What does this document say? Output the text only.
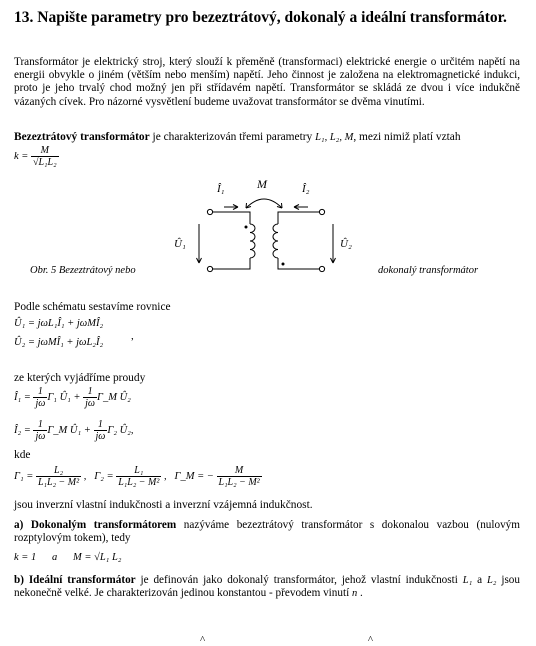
13. Napište parametry pro bezeztrátový, dokonalý a ideální transformátor.
Transformátor je elektrický stroj, který slouží k přeměně (transformaci) elektrické energie o určitém napětí na energii obvykle o jiném (větším nebo menším) napětí. Jeho činnost je založena na elektromagnetické indukci, proto je jeho trvalý chod možný jen při střídavém napětí. Transformátor se skládá ze dvou i více indukčně vázaných cívek. Pro názorné vysvětlení budeme uvažovat transformátor se dvěma vinutími.
Bezeztrátový transformátor je charakterizován třemi parametry L₁, L₂, M, mezi nimiž platí vztah
$k = \frac{M}{\text{√L₁L₂}}$
Î₁	M	Î₂
Û₁	Û₂
Obr. 5 Bezeztrátový nebo	dokonalý transformátor
Podle schématu sestavíme rovnice
Û₁ = jωL₁Î₁ + jωMÎ₂
Û₂ = jωMÎ₁ + jωL₂Î₂
,
ze kterých vyjádříme proudy
Î₁ = $\frac{1}{j\omega} \Gamma_1$ Û₁ + $\frac{1}{j\omega}$ Γ_M Û₂
Î₂ = $\frac{1}{j\omega}$ Γ_M Û₁ + $\frac{1}{j\omega} \Gamma_2$ Û₂,
kde
$\Gamma_1 = \frac{\text{L₂}}{\text{L₁L₂ − M²}}$ , $\Gamma_2 = \frac{\text{L₁}}{\text{L₁L₂ − M²}}$ , Γ_M = − $\frac{M}{\text{L₁L₂ − M²}}$
jsou inverzní vlastní indukčnosti a inverzní vzájemná indukčnost.
a) Dokonalým transformátorem nazýváme bezeztrátový transformátor s dokonalou vazbou (nulovým rozptylovým tokem), tedy
k = 1 a M = √L₁ L₂
b) Ideální transformátor je definován jako dokonalý transformátor, jehož vlastní indukčnosti L₁ a L₂ jsou nekonečně velké. Je charakterizován jedinou konstantou - převodem vinutí n .
^ ^
